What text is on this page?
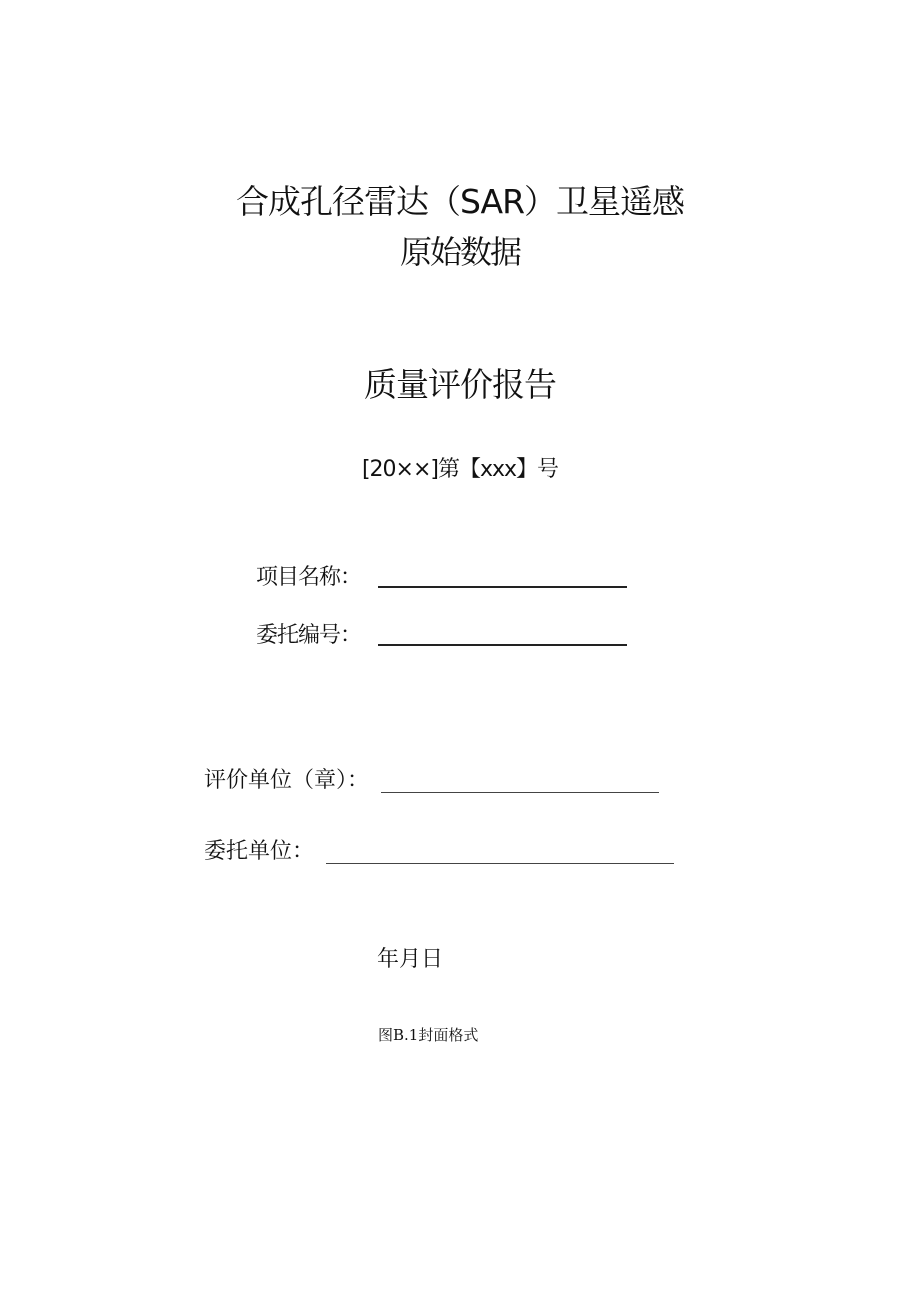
合成孔径雷达（SAR）卫星遥感
原始数据
质量评价报告
[20××]第【xxx】号
项目名称：
委托编号：
评价单位（章）：
委托单位：
年月日
图B.1封面格式
